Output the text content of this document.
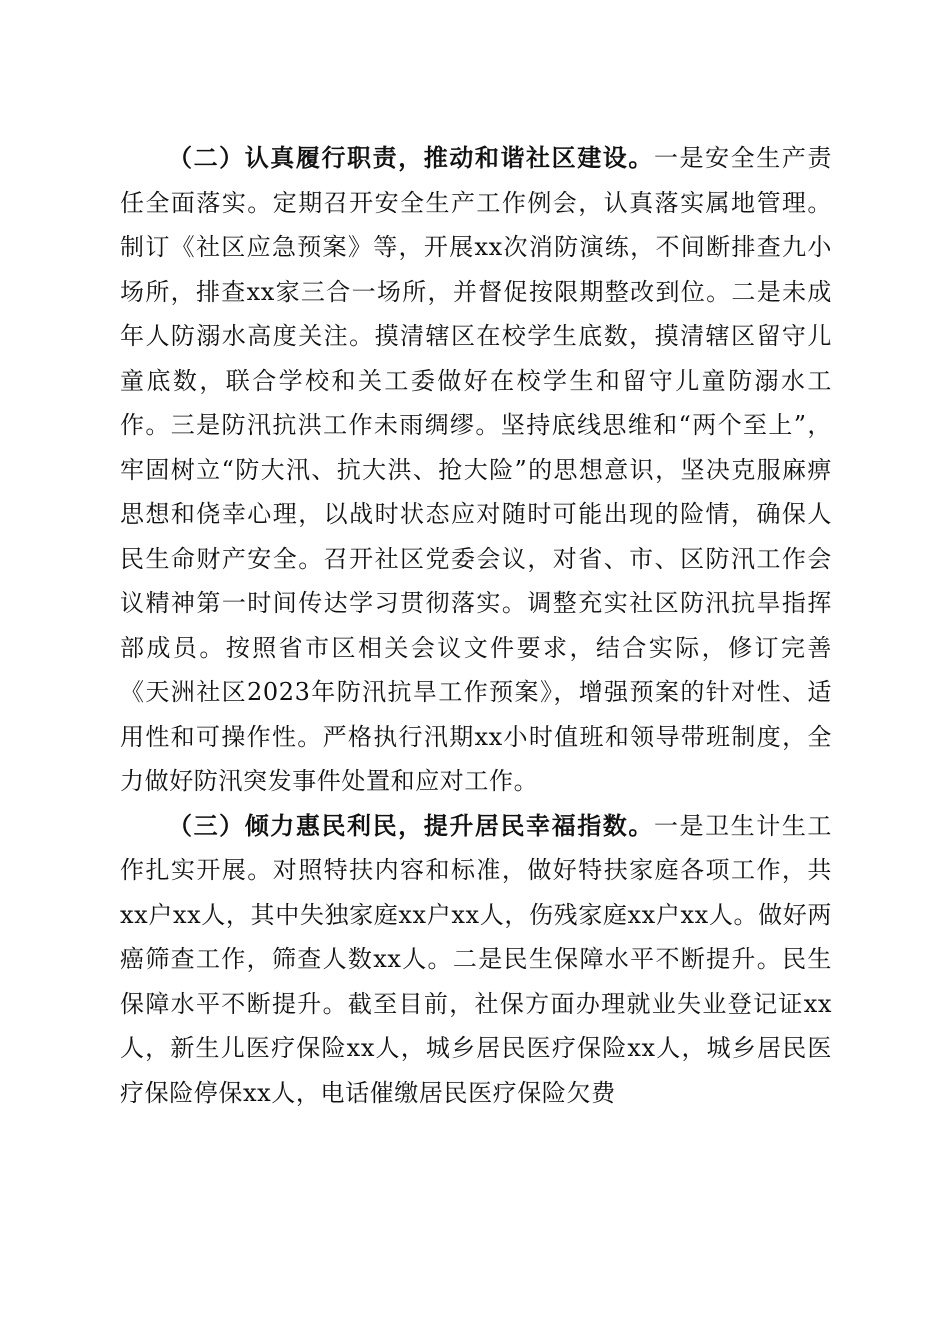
（二）认真履行职责，推动和谐社区建设。一是安全生产责任全面落实。定期召开安全生产工作例会，认真落实属地管理。制订《社区应急预案》等，开展xx次消防演练，不间断排查九小场所，排查xx家三合一场所，并督促按限期整改到位。二是未成年人防溺水高度关注。摸清辖区在校学生底数，摸清辖区留守儿童底数，联合学校和关工委做好在校学生和留守儿童防溺水工作。三是防汛抗洪工作未雨绸缪。坚持底线思维和“两个至上”，牢固树立“防大汛、抗大洪、抢大险”的思想意识，坚决克服麻痹思想和侥幸心理，以战时状态应对随时可能出现的险情，确保人民生命财产安全。召开社区党委会议，对省、市、区防汛工作会议精神第一时间传达学习贯彻落实。调整充实社区防汛抗旱指挥部成员。按照省市区相关会议文件要求，结合实际，修订完善《天洲社区2023年防汛抗旱工作预案》，增强预案的针对性、适用性和可操作性。严格执行汛期xx小时值班和领导带班制度，全力做好防汛突发事件处置和应对工作。

（三）倾力惠民利民，提升居民幸福指数。一是卫生计生工作扎实开展。对照特扶内容和标准，做好特扶家庭各项工作，共xx户xx人，其中失独家庭xx户xx人，伤残家庭xx户xx人。做好两癌筛查工作，筛查人数xx人。二是民生保障水平不断提升。民生保障水平不断提升。截至目前，社保方面办理就业失业登记证xx人，新生儿医疗保险xx人，城乡居民医疗保险xx人，城乡居民医疗保险停保xx人，电话催缴居民医疗保险欠费
